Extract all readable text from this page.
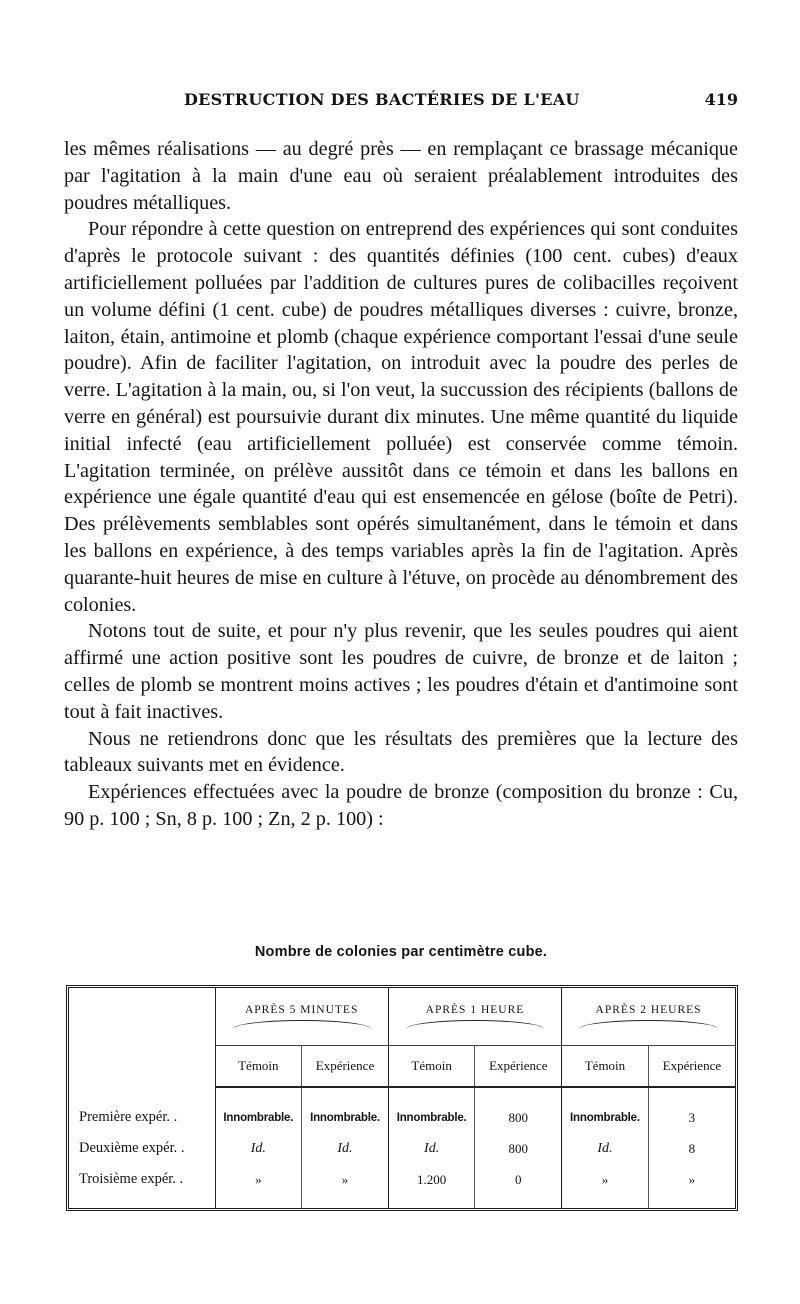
DESTRUCTION DES BACTÉRIES DE L'EAU	419

les mêmes réalisations — au degré près — en remplaçant ce brassage mécanique par l'agitation à la main d'une eau où seraient préalablement introduites des poudres métalliques.

Pour répondre à cette question on entreprend des expériences qui sont conduites d'après le protocole suivant : des quantités définies (100 cent. cubes) d'eaux artificiellement polluées par l'addition de cultures pures de colibacilles reçoivent un volume défini (1 cent. cube) de poudres métalliques diverses : cuivre, bronze, laiton, étain, antimoine et plomb (chaque expérience comportant l'essai d'une seule poudre). Afin de faciliter l'agitation, on introduit avec la poudre des perles de verre. L'agitation à la main, ou, si l'on veut, la succussion des récipients (ballons de verre en général) est poursuivie durant dix minutes. Une même quantité du liquide initial infecté (eau artificiellement polluée) est conservée comme témoin. L'agitation terminée, on prélève aussitôt dans ce témoin et dans les ballons en expérience une égale quantité d'eau qui est ensemencée en gélose (boîte de Petri). Des prélèvements semblables sont opérés simultanément, dans le témoin et dans les ballons en expérience, à des temps variables après la fin de l'agitation. Après quarante-huit heures de mise en culture à l'étuve, on procède au dénombrement des colonies.

Notons tout de suite, et pour n'y plus revenir, que les seules poudres qui aient affirmé une action positive sont les poudres de cuivre, de bronze et de laiton ; celles de plomb se montrent moins actives ; les poudres d'étain et d'antimoine sont tout à fait inactives.

Nous ne retiendrons donc que les résultats des premières que la lecture des tableaux suivants met en évidence.

Expériences effectuées avec la poudre de bronze (composition du bronze : Cu, 90 p. 100 ; Sn, 8 p. 100 ; Zn, 2 p. 100) :

Nombre de colonies par centimètre cube.
	APRÈS 5 MINUTES		APRÈS 1 HEURE		APRÈS 2 HEURES	

	Témoin	Expérience	Témoin	Expérience	Témoin	Expérience
Première expér. .	Innombrable.	Innombrable.	Innombrable.	800	Innombrable.	3
Deuxième expér. .	Id.	Id.	Id.	800	Id.	8
Troisième expér. .	»	»	1.200	0	»	»
